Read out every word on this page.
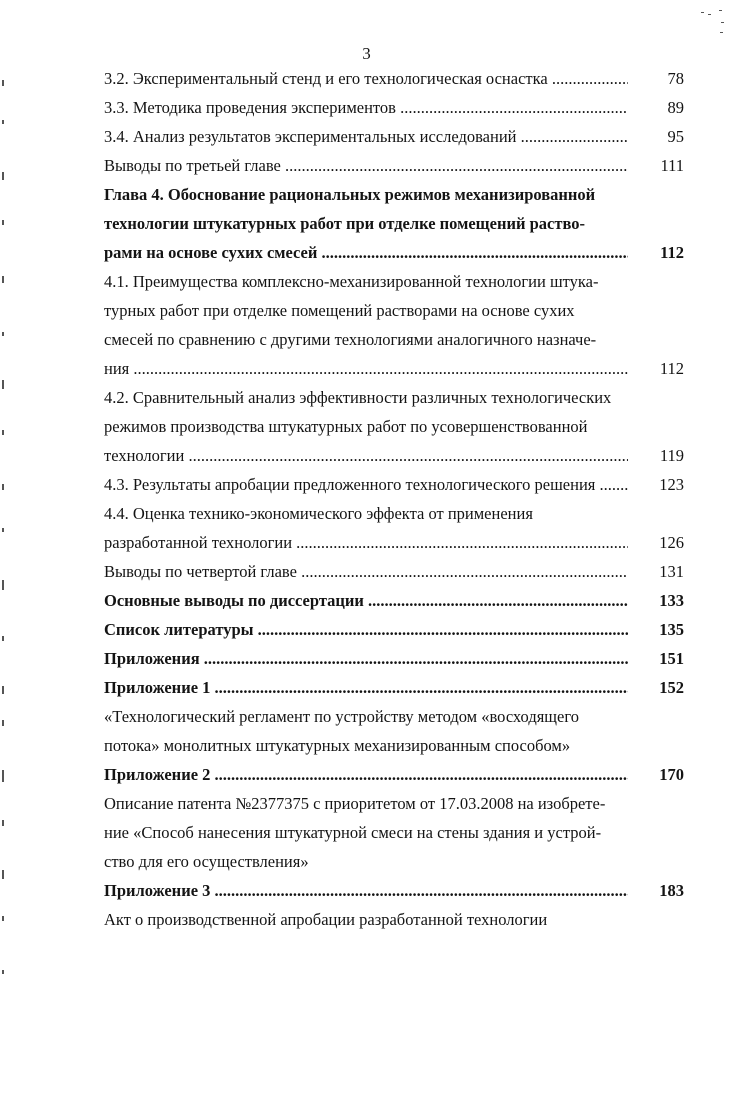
3
3.2. Экспериментальный стенд и его технологическая оснастка .....	78
3.3. Методика проведения экспериментов .....	89
3.4. Анализ результатов экспериментальных исследований .....	95
Выводы по третьей главе .....	111
Глава 4. Обоснование рациональных режимов механизированной
технологии штукатурных работ при отделке помещений раство-
рами на основе сухих смесей .....	112
4.1. Преимущества комплексно-механизированной технологии штука-
турных работ при отделке помещений растворами на основе сухих
смесей по сравнению с другими технологиями аналогичного назначе-
ния .....	112
4.2. Сравнительный анализ эффективности различных технологических
режимов производства штукатурных работ по усовершенствованной
технологии .....	119
4.3. Результаты апробации предложенного технологического решения .....	123
4.4. Оценка технико-экономического эффекта от применения
разработанной технологии .....	126
Выводы по четвертой главе .....	131
Основные выводы по диссертации .....	133
Список литературы .....	135
Приложения .....	151
Приложение 1 .....	152
«Технологический регламент по устройству методом «восходящего
потока» монолитных штукатурных механизированным способом»
Приложение 2 .....	170
Описание патента №2377375 с приоритетом от 17.03.2008 на изобрете-
ние «Способ нанесения штукатурной смеси на стены здания и устрой-
ство для его осуществления»
Приложение 3 .....	183
Акт о производственной апробации разработанной технологии
